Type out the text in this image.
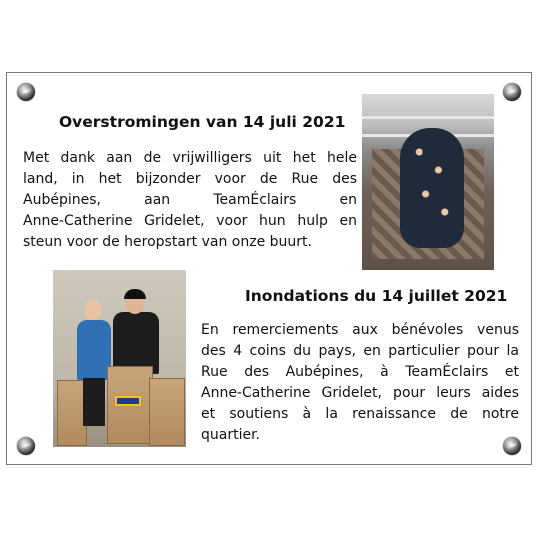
Overstromingen van 14 juli 2021
Met dank aan de vrijwilligers uit het hele
land, in het bijzonder voor de Rue des
Aubépines, aan TeamÉclairs en
Anne-Catherine Gridelet, voor hun hulp en
steun voor de heropstart van onze buurt.
Inondations du 14 juillet 2021
En remerciements aux bénévoles venus
des 4 coins du pays, en particulier pour la
Rue des Aubépines, à TeamÉclairs et
Anne-Catherine Gridelet, pour leurs aides
et soutiens à la renaissance de notre
quartier.
